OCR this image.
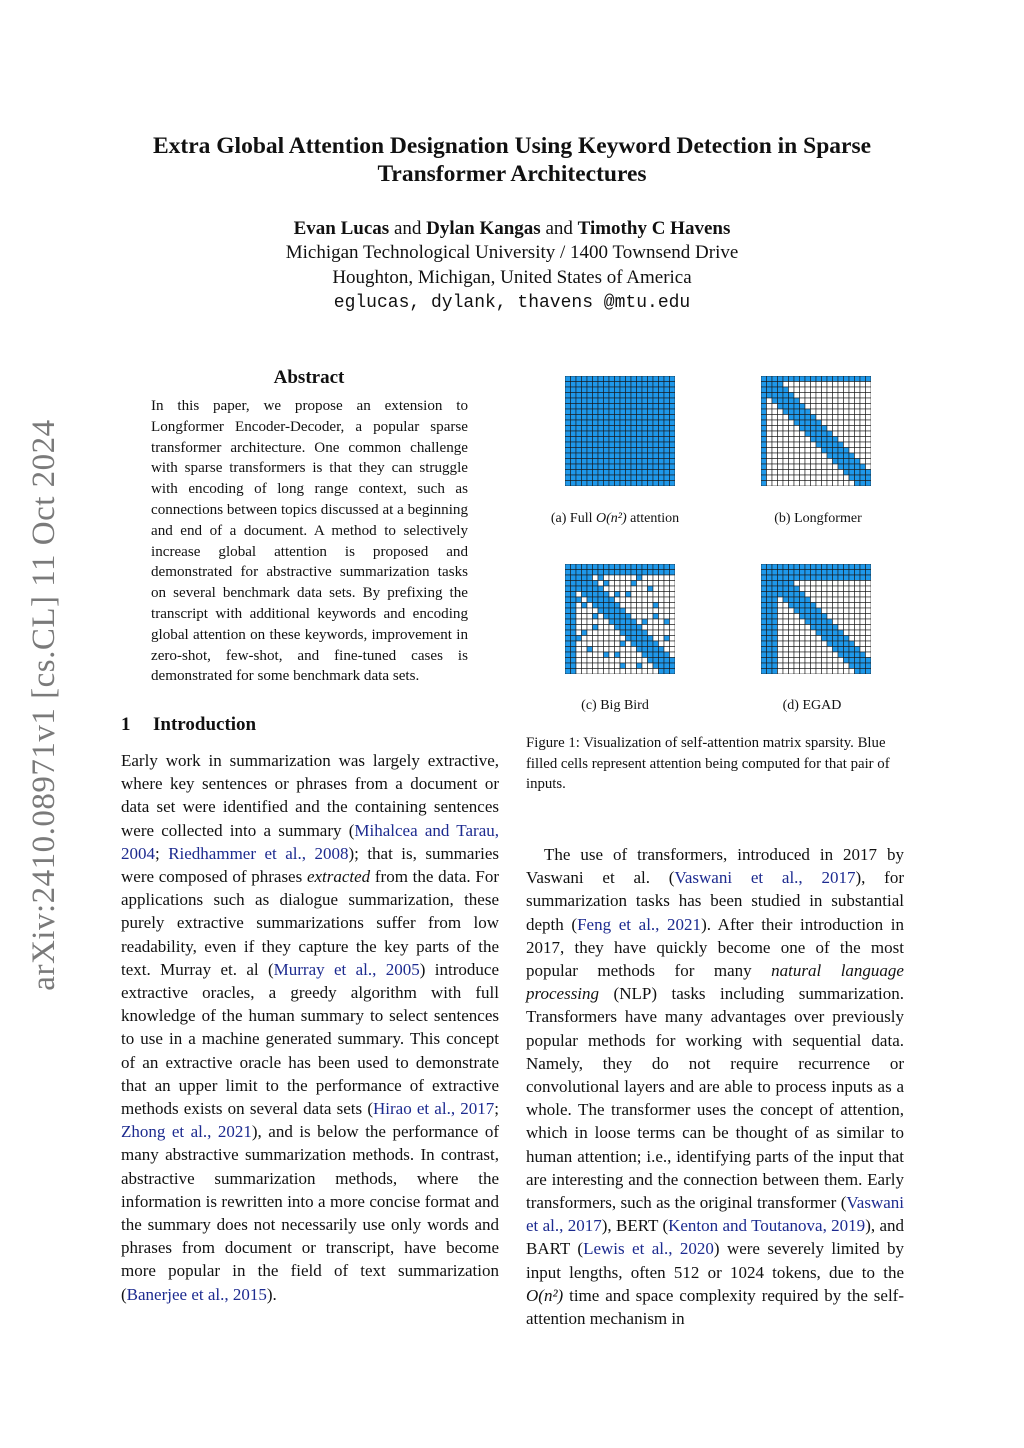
arXiv:2410.08971v1 [cs.CL] 11 Oct 2024
Extra Global Attention Designation Using Keyword Detection in Sparse
Transformer Architectures
Evan Lucas and Dylan Kangas and Timothy C Havens
Michigan Technological University / 1400 Townsend Drive
Houghton, Michigan, United States of America
eglucas, dylank, thavens @mtu.edu
Abstract
In this paper, we propose an extension to Longformer Encoder-Decoder, a popular sparse transformer architecture. One common challenge with sparse transformers is that they can struggle with encoding of long range context, such as connections between topics discussed at a beginning and end of a document. A method to selectively increase global attention is proposed and demonstrated for abstractive summarization tasks on several benchmark data sets. By prefixing the transcript with additional keywords and encoding global attention on these keywords, improvement in zero-shot, few-shot, and fine-tuned cases is demonstrated for some benchmark data sets.
1 Introduction
Early work in summarization was largely extractive, where key sentences or phrases from a document or data set were identified and the containing sentences were collected into a summary (Mihalcea and Tarau, 2004; Riedhammer et al., 2008); that is, summaries were composed of phrases extracted from the data. For applications such as dialogue summarization, these purely extractive summarizations suffer from low readability, even if they capture the key parts of the text. Murray et. al (Murray et al., 2005) introduce extractive oracles, a greedy algorithm with full knowledge of the human summary to select sentences to use in a machine generated summary. This concept of an extractive oracle has been used to demonstrate that an upper limit to the performance of extractive methods exists on several data sets (Hirao et al., 2017; Zhong et al., 2021), and is below the performance of many abstractive summarization methods. In contrast, abstractive summarization methods, where the information is rewritten into a more concise format and the summary does not necessarily use only words and phrases from document or transcript, have become more popular in the field of text summarization (Banerjee et al., 2015).
(a) Full O(n²) attention	(b) Longformer
(c) Big Bird	(d) EGAD
Figure 1: Visualization of self-attention matrix sparsity. Blue filled cells represent attention being computed for that pair of inputs.
The use of transformers, introduced in 2017 by Vaswani et al. (Vaswani et al., 2017), for summarization tasks has been studied in substantial depth (Feng et al., 2021). After their introduction in 2017, they have quickly become one of the most popular methods for many natural language processing (NLP) tasks including summarization. Transformers have many advantages over previously popular methods for working with sequential data. Namely, they do not require recurrence or convolutional layers and are able to process inputs as a whole. The transformer uses the concept of attention, which in loose terms can be thought of as similar to human attention; i.e., identifying parts of the input that are interesting and the connection between them. Early transformers, such as the original transformer (Vaswani et al., 2017), BERT (Kenton and Toutanova, 2019), and BART (Lewis et al., 2020) were severely limited by input lengths, often 512 or 1024 tokens, due to the O(n²) time and space complexity required by the self-attention mechanism in
